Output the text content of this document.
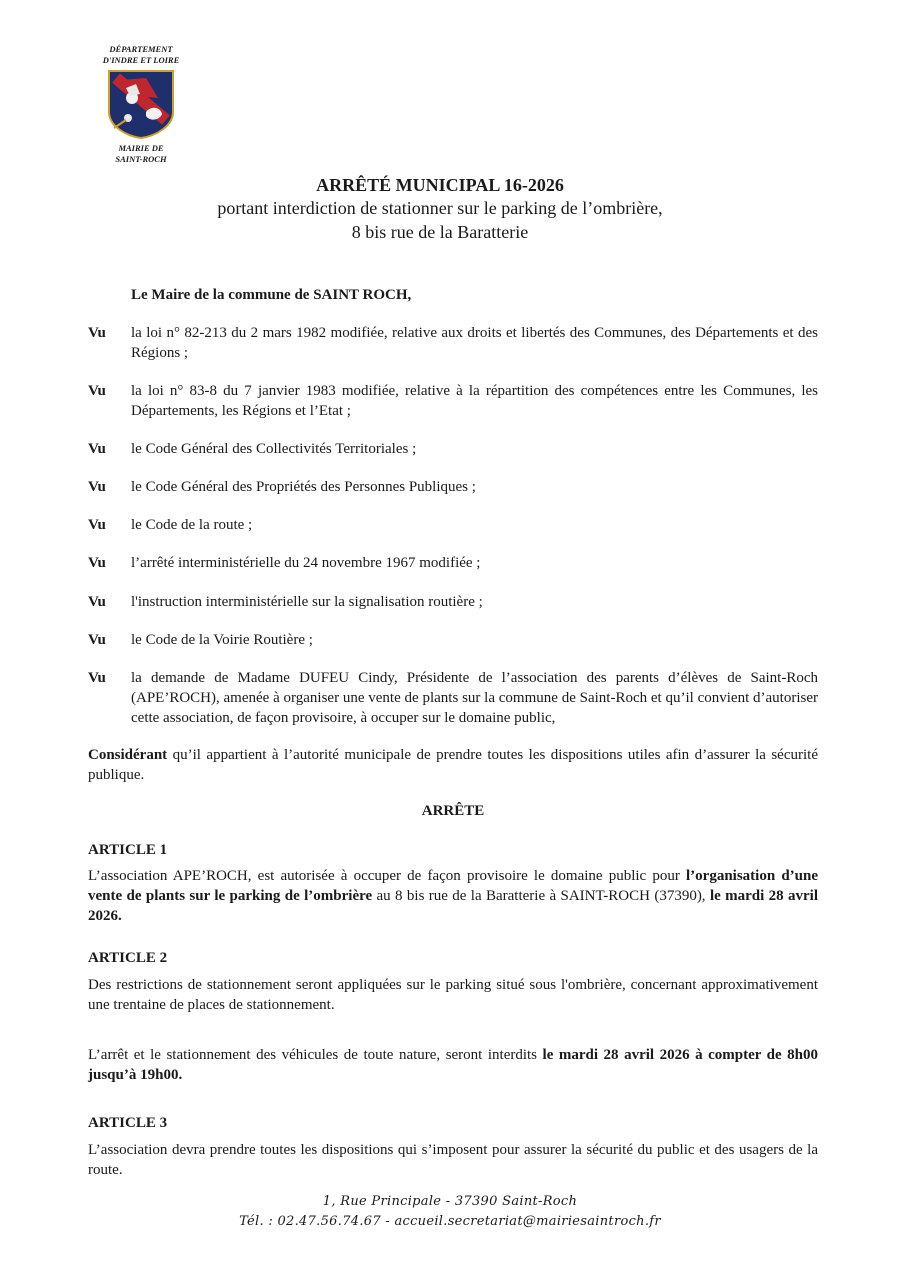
DÉPARTEMENT
D'INDRE ET LOIRE
MAIRIE DE
SAINT-ROCH
ARRÊTÉ MUNICIPAL 16-2026
portant interdiction de stationner sur le parking de l’ombrière,
8 bis rue de la Baratterie
Le Maire de la commune de SAINT ROCH,
Vu la loi n° 82-213 du 2 mars 1982 modifiée, relative aux droits et libertés des Communes, des Départements et des Régions ;
Vu la loi n° 83-8 du 7 janvier 1983 modifiée, relative à la répartition des compétences entre les Communes, les Départements, les Régions et l’Etat ;
Vu le Code Général des Collectivités Territoriales ;
Vu le Code Général des Propriétés des Personnes Publiques ;
Vu le Code de la route ;
Vu l’arrêté interministérielle du 24 novembre 1967 modifiée ;
Vu l'instruction interministérielle sur la signalisation routière ;
Vu le Code de la Voirie Routière ;
Vu la demande de Madame DUFEU Cindy, Présidente de l’association des parents d’élèves de Saint-Roch (APE’ROCH), amenée à organiser une vente de plants sur la commune de Saint-Roch et qu’il convient d’autoriser cette association, de façon provisoire, à occuper sur le domaine public,
Considérant qu’il appartient à l’autorité municipale de prendre toutes les dispositions utiles afin d’assurer la sécurité publique.
ARRÊTE
ARTICLE 1
L’association APE’ROCH, est autorisée à occuper de façon provisoire le domaine public pour l’organisation d’une vente de plants sur le parking de l’ombrière au 8 bis rue de la Baratterie à SAINT-ROCH (37390), le mardi 28 avril 2026.
ARTICLE 2
Des restrictions de stationnement seront appliquées sur le parking situé sous l'ombrière, concernant approximativement une trentaine de places de stationnement.
L’arrêt et le stationnement des véhicules de toute nature, seront interdits le mardi 28 avril 2026 à compter de 8h00 jusqu’à 19h00.
ARTICLE 3
L’association devra prendre toutes les dispositions qui s’imposent pour assurer la sécurité du public et des usagers de la route.
1, Rue Principale - 37390 Saint-Roch
Tél. : 02.47.56.74.67 - accueil.secretariat@mairiesaintroch.fr
